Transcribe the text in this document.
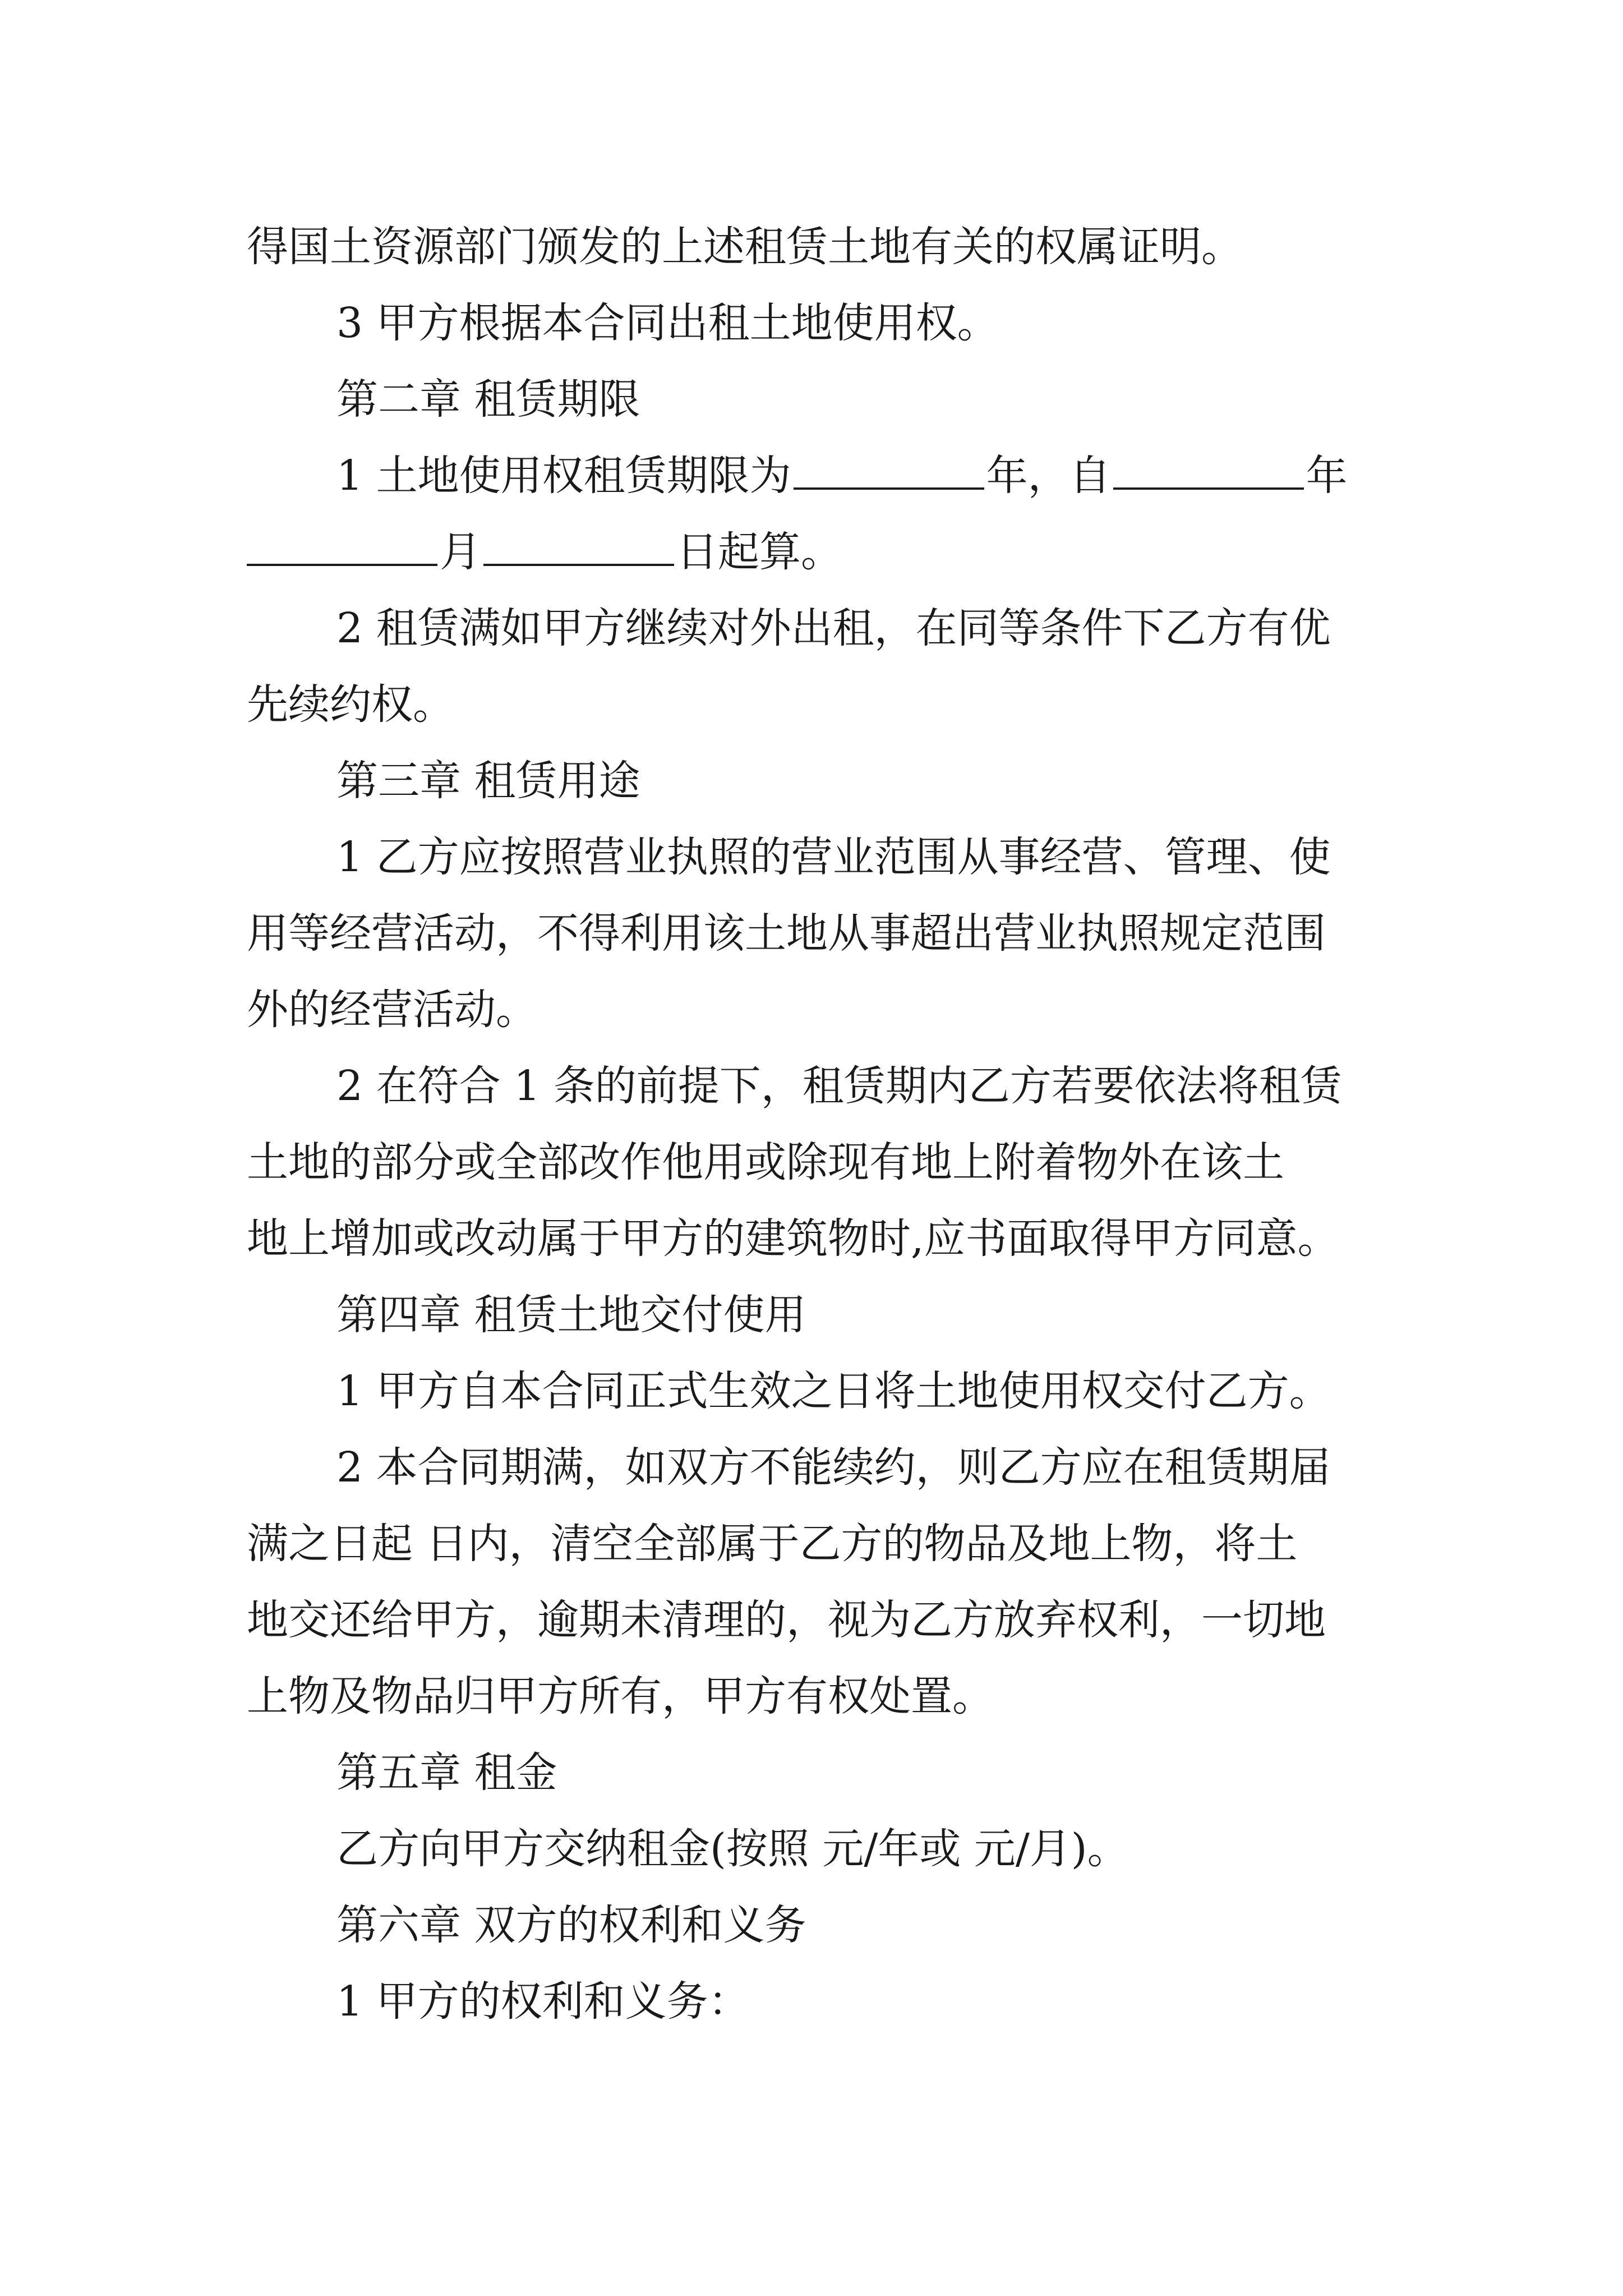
得国土资源部门颁发的上述租赁土地有关的权属证明。
3 甲方根据本合同出租土地使用权。
第二章 租赁期限
1 土地使用权租赁期限为	年，自	年
月	日起算。
2 租赁满如甲方继续对外出租，在同等条件下乙方有优
先续约权。
第三章 租赁用途
1 乙方应按照营业执照的营业范围从事经营、管理、使
用等经营活动，不得利用该土地从事超出营业执照规定范围
外的经营活动。
2 在符合 1 条的前提下，租赁期内乙方若要依法将租赁
土地的部分或全部改作他用或除现有地上附着物外在该土
地上增加或改动属于甲方的建筑物时,应书面取得甲方同意。
第四章 租赁土地交付使用
1 甲方自本合同正式生效之日将土地使用权交付乙方。
2 本合同期满，如双方不能续约，则乙方应在租赁期届
满之日起 日内，清空全部属于乙方的物品及地上物，将土
地交还给甲方，逾期未清理的，视为乙方放弃权利，一切地
上物及物品归甲方所有，甲方有权处置。
第五章 租金
乙方向甲方交纳租金(按照 元/年或 元/月)。
第六章 双方的权利和义务
1 甲方的权利和义务：
